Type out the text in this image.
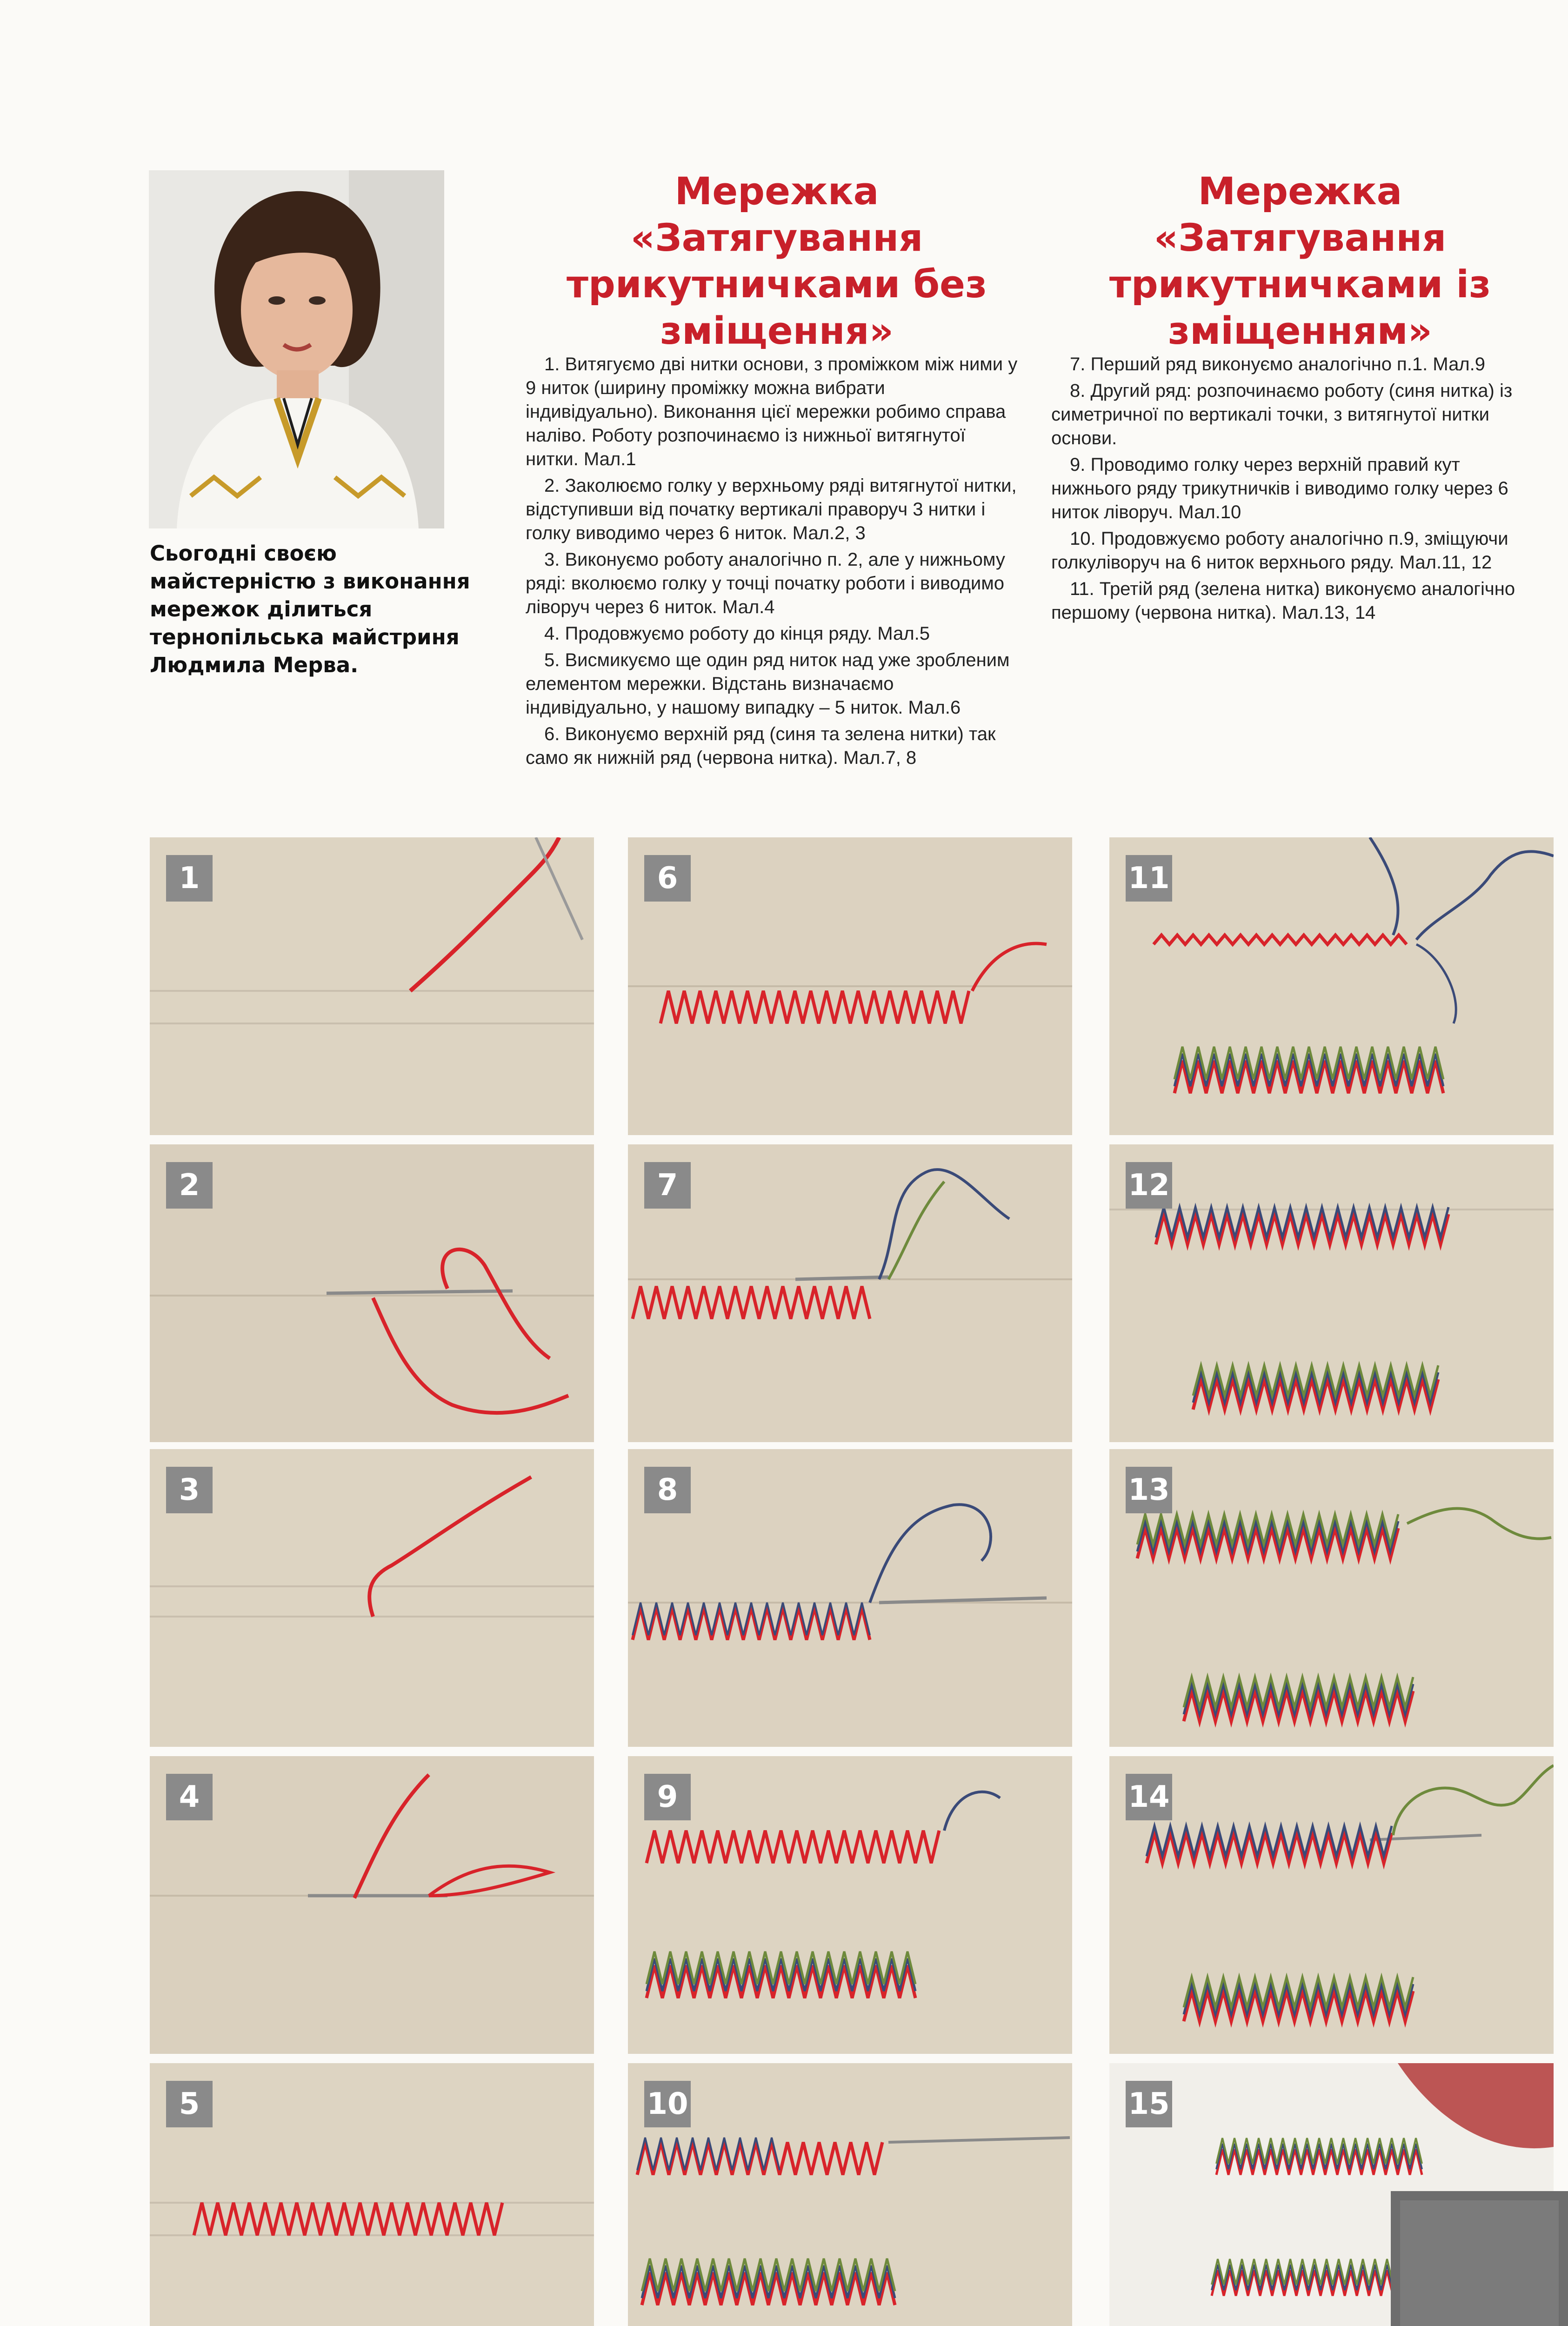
Сьогодні своєю майстерністю з виконання мережок ділиться тернопільська майстриня Людмила Мерва.
Мережка «Затягування трикутничками без зміщення»

1. Витягуємо дві нитки основи, з проміжком між ними у 9 ниток (ширину проміжку можна вибрати індивідуально). Виконання цієї мережки робимо справа наліво. Роботу розпочинаємо із нижньої витягнутої нитки. Мал.1

2. Заколюємо голку у верхньому ряді витягнутої нитки, відступивши від початку вертикалі праворуч 3 нитки і голку виводимо через 6 ниток. Мал.2, 3

3. Виконуємо роботу аналогічно п. 2, але у нижньому ряді: вколюємо голку у точці початку роботи і виводимо ліворуч через 6 ниток. Мал.4

4. Продовжуємо роботу до кінця ряду. Мал.5

5. Висмикуємо ще один ряд ниток над уже зробленим елементом мережки. Відстань визначаємо індивідуально, у нашому випадку – 5 ниток. Мал.6

6. Виконуємо верхній ряд (синя та зелена нитки) так само як нижній ряд (червона нитка). Мал.7, 8

Мережка «Затягування трикутничками із зміщенням»

7. Перший ряд виконуємо аналогічно п.1. Мал.9

8. Другий ряд: розпочинаємо роботу (синя нитка) із симетричної по вертикалі точки, з витягнутої нитки основи.

9. Проводимо голку через верхній правий кут нижнього ряду трикутничків і виводимо голку через 6 ниток ліворуч. Мал.10

10. Продовжуємо роботу аналогічно п.9, зміщуючи голкуліворуч на 6 ниток верхнього ряду. Мал.11, 12

11. Третій ряд (зелена нитка) виконуємо аналогічно першому (червона нитка). Мал.13, 14

1
2
3
4
5
6
7
8
9
10
11
12
13
14
15
